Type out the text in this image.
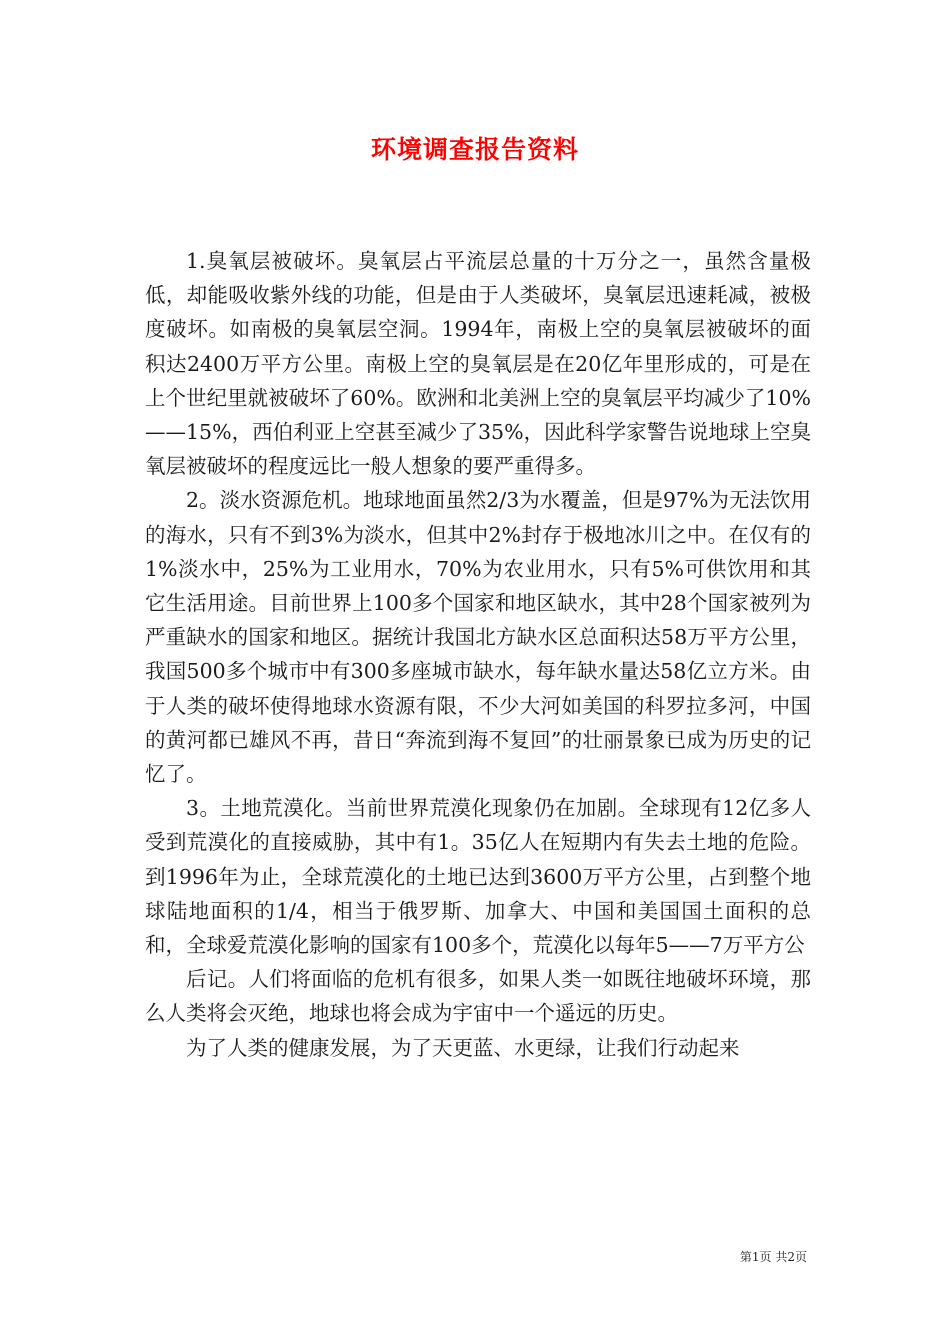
环境调查报告资料

1.臭氧层被破坏。臭氧层占平流层总量的十万分之一，虽然含量极低，却能吸收紫外线的功能，但是由于人类破坏，臭氧层迅速耗减，被极度破坏。如南极的臭氧层空洞。1994年，南极上空的臭氧层被破坏的面积达2400万平方公里。南极上空的臭氧层是在20亿年里形成的，可是在上个世纪里就被破坏了60%。欧洲和北美洲上空的臭氧层平均减少了10%——15%，西伯利亚上空甚至减少了35%，因此科学家警告说地球上空臭氧层被破坏的程度远比一般人想象的要严重得多。

2。淡水资源危机。地球地面虽然2/3为水覆盖，但是97%为无法饮用的海水，只有不到3%为淡水，但其中2%封存于极地冰川之中。在仅有的1%淡水中，25%为工业用水，70%为农业用水，只有5%可供饮用和其它生活用途。目前世界上100多个国家和地区缺水，其中28个国家被列为严重缺水的国家和地区。据统计我国北方缺水区总面积达58万平方公里，我国500多个城市中有300多座城市缺水，每年缺水量达58亿立方米。由于人类的破坏使得地球水资源有限，不少大河如美国的科罗拉多河，中国的黄河都已雄风不再，昔日“奔流到海不复回”的壮丽景象已成为历史的记忆了。

3。土地荒漠化。当前世界荒漠化现象仍在加剧。全球现有12亿多人受到荒漠化的直接威胁，其中有1。35亿人在短期内有失去土地的危险。到1996年为止，全球荒漠化的土地已达到3600万平方公里，占到整个地球陆地面积的1/4，相当于俄罗斯、加拿大、中国和美国国土面积的总和，全球爱荒漠化影响的国家有100多个，荒漠化以每年5——7万平方公

后记。人们将面临的危机有很多，如果人类一如既往地破坏环境，那么人类将会灭绝，地球也将会成为宇宙中一个遥远的历史。

为了人类的健康发展，为了天更蓝、水更绿，让我们行动起来

第1页 共2页
